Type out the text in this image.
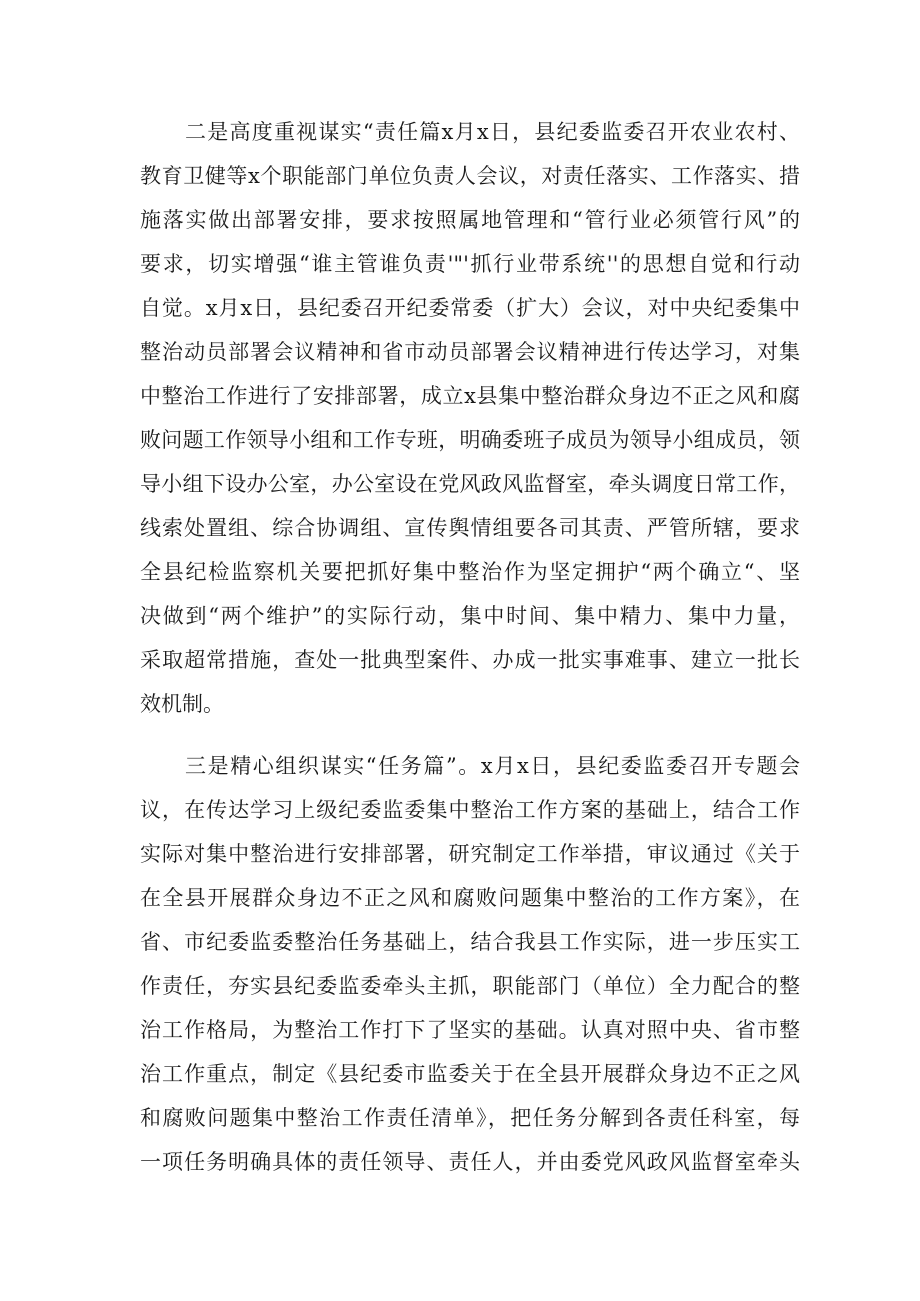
二是高度重视谋实“责任篇x月x日，县纪委监委召开农业农村、
教育卫健等x个职能部门单位负责人会议，对责任落实、工作落实、措
施落实做出部署安排，要求按照属地管理和“管行业必须管行风”的
要求，切实增强“谁主管谁负责'"'抓行业带系统''的思想自觉和行动
自觉。x月x日，县纪委召开纪委常委（扩大）会议，对中央纪委集中
整治动员部署会议精神和省市动员部署会议精神进行传达学习，对集
中整治工作进行了安排部署，成立x县集中整治群众身边不正之风和腐
败问题工作领导小组和工作专班，明确委班子成员为领导小组成员，领
导小组下设办公室，办公室设在党风政风监督室，牵头调度日常工作，
线索处置组、综合协调组、宣传舆情组要各司其责、严管所辖，要求
全县纪检监察机关要把抓好集中整治作为坚定拥护“两个确立“、坚
决做到“两个维护”的实际行动，集中时间、集中精力、集中力量，
采取超常措施，查处一批典型案件、办成一批实事难事、建立一批长
效机制。
三是精心组织谋实“任务篇”。x月x日，县纪委监委召开专题会
议，在传达学习上级纪委监委集中整治工作方案的基础上，结合工作
实际对集中整治进行安排部署，研究制定工作举措，审议通过《关于
在全县开展群众身边不正之风和腐败问题集中整治的工作方案》，在
省、市纪委监委整治任务基础上，结合我县工作实际，进一步压实工
作责任，夯实县纪委监委牵头主抓，职能部门（单位）全力配合的整
治工作格局，为整治工作打下了坚实的基础。认真对照中央、省市整
治工作重点，制定《县纪委市监委关于在全县开展群众身边不正之风
和腐败问题集中整治工作责任清单》，把任务分解到各责任科室，每
一项任务明确具体的责任领导、责任人，并由委党风政风监督室牵头
